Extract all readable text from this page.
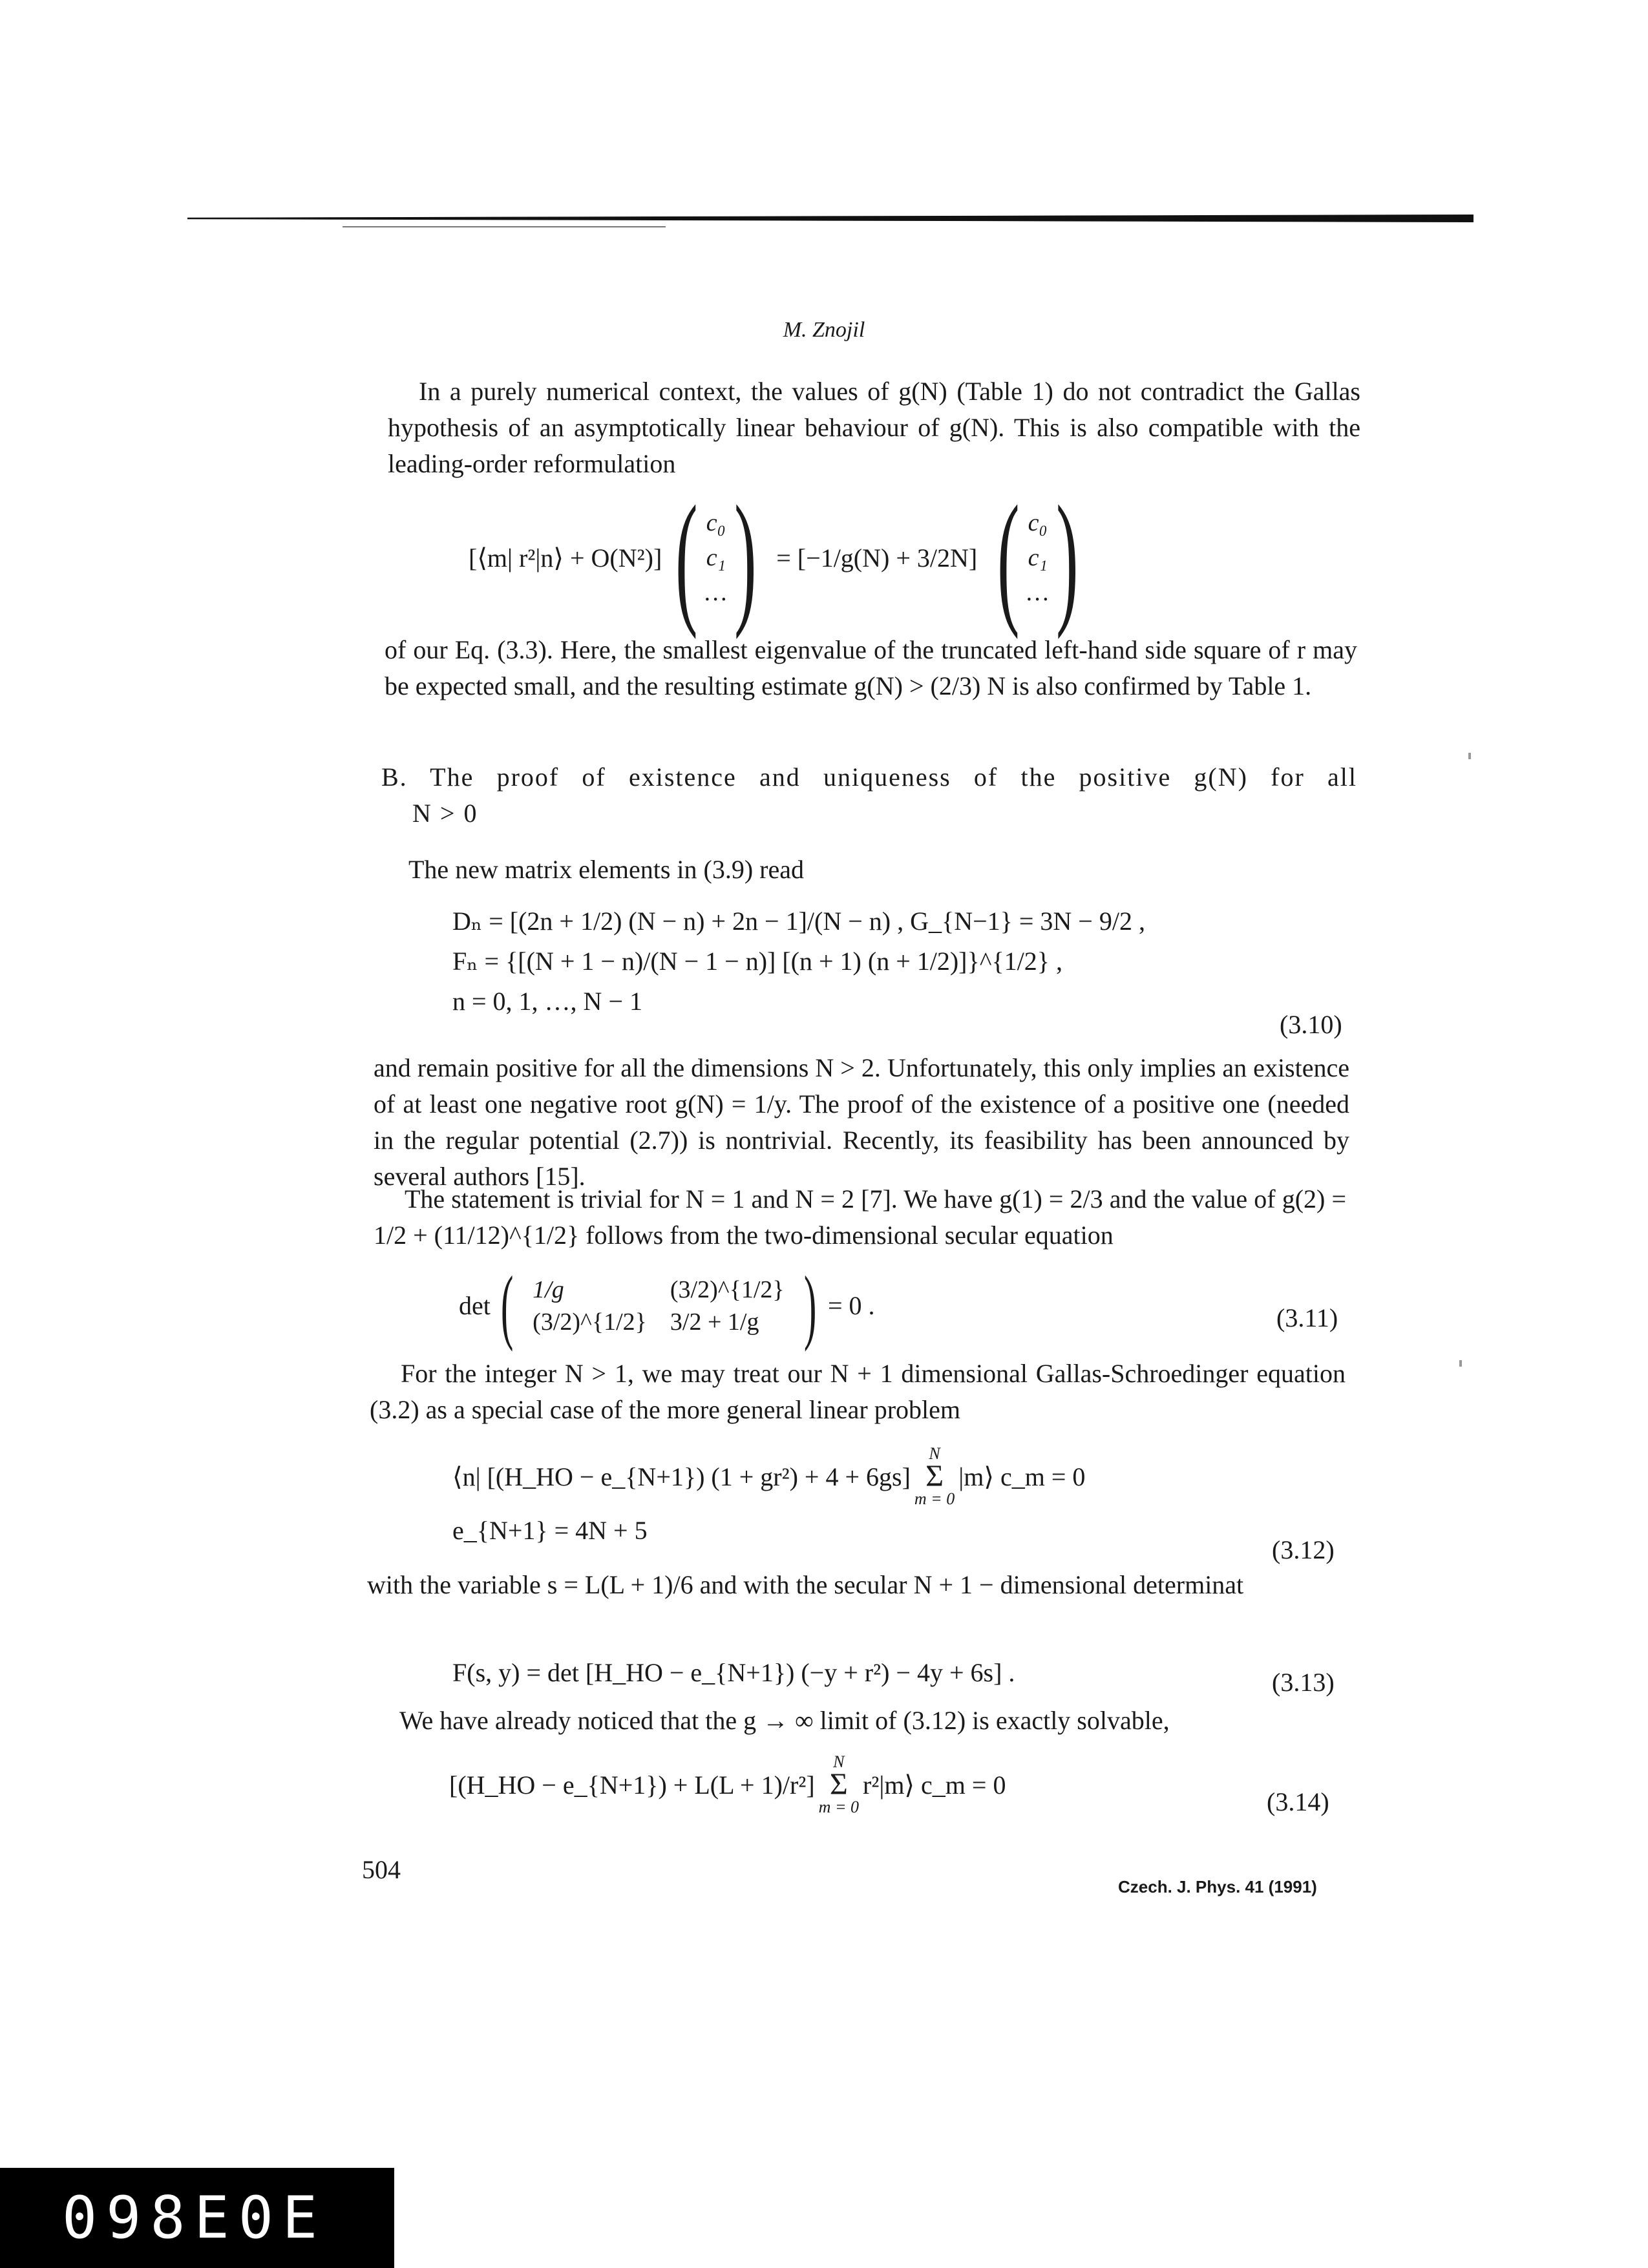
M. Znojil

In a purely numerical context, the values of g(N) (Table 1) do not contradict the Gallas hypothesis of an asymptotically linear behaviour of g(N). This is also compatible with the leading-order reformulation

[⟨m| r²|n⟩ + O(N²)] ( c₀
c₁
… ) = [−1/g(N) + 3/2N] ( c₀
c₁
… )

of our Eq. (3.3). Here, the smallest eigenvalue of the truncated left-hand side square of r may be expected small, and the resulting estimate g(N) > (2/3) N is also confirmed by Table 1.

B. The proof of existence and uniqueness of the positive g(N) for all
N > 0

The new matrix elements in (3.9) read

Dₙ = [(2n + 1/2) (N − n) + 2n − 1]/(N − n) , G_{N−1} = 3N − 9/2 ,
Fₙ = {[(N + 1 − n)/(N − 1 − n)] [(n + 1) (n + 1/2)]}^{1/2} ,
n = 0, 1, …, N − 1
(3.10)

and remain positive for all the dimensions N > 2. Unfortunately, this only implies an existence of at least one negative root g(N) = 1/y. The proof of the existence of a positive one (needed in the regular potential (2.7)) is nontrivial. Recently, its feasibility has been announced by several authors [15].

The statement is trivial for N = 1 and N = 2 [7]. We have g(1) = 2/3 and the value of g(2) = 1/2 + (11/12)^{1/2} follows from the two-dimensional secular equation

det ( 1/g	(3/2)^{1/2}
(3/2)^{1/2}	3/2 + 1/g ) = 0 .	(3.11)

For the integer N > 1, we may treat our N + 1 dimensional Gallas-Schroedinger equation (3.2) as a special case of the more general linear problem

⟨n| [(H_HO − e_{N+1}) (1 + gr²) + 4 + 6gs]
N
Σ
m = 0
|m⟩ c_m = 0
e_{N+1} = 4N + 5
(3.12)

with the variable s = L(L + 1)/6 and with the secular N + 1 − dimensional determinat

F(s, y) = det [H_HO − e_{N+1}) (−y + r²) − 4y + 6s] .	(3.13)

We have already noticed that the g → ∞ limit of (3.12) is exactly solvable,

[(H_HO − e_{N+1}) + L(L + 1)/r²]
N
Σ
m = 0
r²|m⟩ c_m = 0
(3.14)
504
Czech. J. Phys. 41 (1991)
098E0E
